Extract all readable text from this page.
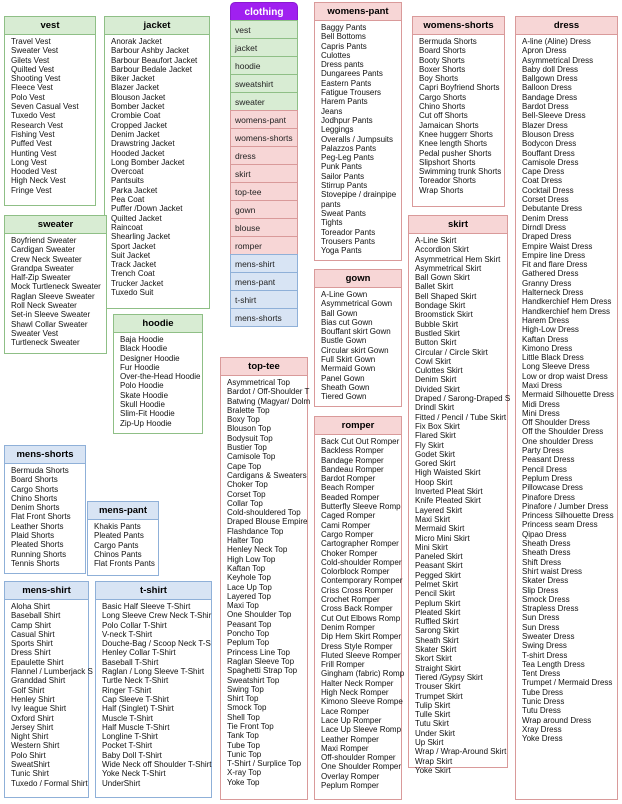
clothing
vest
jacket
hoodie
sweatshirt
sweater
womens-pant
womens-shorts
dress
skirt
top-tee
gown
blouse
romper
mens-shirt
mens-pant
t-shirt
mens-shorts
vest
Travel Vest
Sweater Vest
Gilets Vest
Quilted Vest
Shooting Vest
Fleece Vest
Polo Vest
Seven Casual Vest
Tuxedo Vest
Research Vest
Fishing Vest
Puffed Vest
Hunting Vest
Long Vest
Hooded Vest
High Neck Vest
Fringe Vest
jacket
Anorak Jacket
Barbour Ashby Jacket
Barbour Beaufort Jacket
Barbour Bedale Jacket
Biker Jacket
Blazer Jacket
Blouson Jacket
Bomber Jacket
Crombie Coat
Cropped Jacket
Denim Jacket
Drawstring Jacket
Hooded Jacket
Long Bomber Jacket
Overcoat
Pantsuits
Parka Jacket
Pea Coat
Puffer /Down Jacket
Quilted Jacket
Raincoat
Shearling Jacket
Sport Jacket
Suit Jacket
Track Jacket
Trench Coat
Trucker Jacket
Tuxedo Suit
sweater
Boyfriend Sweater
Cardigan Sweater
Crew Neck Sweater
Grandpa Sweater
Half-Zip Sweater
Mock Turtleneck Sweater
Raglan Sleeve Sweater
Roll Neck Sweater
Set-in Sleeve Sweater
Shawl Collar Sweater
Sweater Vest
Turtleneck Sweater
hoodie
Baja Hoodie
Black Hoodie
Designer Hoodie
Fur Hoodie
Over-the-Head Hoodie
Polo Hoodie
Skate Hoodie
Skull Hoodie
Slim-Fit Hoodie
Zip-Up Hoodie
mens-shorts
Bermuda Shorts
Board Shorts
Cargo Shorts
Chino Shorts
Denim Shorts
Flat Front Shorts
Leather Shorts
Plaid Shorts
Pleated Shorts
Running Shorts
Tennis Shorts
mens-pant
Khakis Pants
Pleated Pants
Cargo Pants
Chinos Pants
Flat Fronts Pants
mens-shirt
Aloha Shirt
Baseball Shirt
Camp Shirt
Casual Shirt
Sports Shirt
Dress Shirt
Epaulette Shirt
Flannel / Lumberjack S
Granddad Shirt
Golf Shirt
Henley Shirt
Ivy league Shirt
Oxford Shirt
Jersey Shirt
Night Shirt
Western Shirt
Polo Shirt
SweatShirt
Tunic Shirt
Tuxedo / Formal Shirt
t-shirt
Basic Half Sleeve T-Shirt
Long Sleeve Crew Neck T-Shir
Polo Collar T-Shirt
V-neck T-Shirt
Douche-Bag / Scoop Neck T-S
Henley Collar T-Shirt
Baseball T-Shirt
Raglan / Long Sleeve T-Shirt
Turtle Neck T-Shirt
Ringer T-Shirt
Cap Sleeve T-Shirt
Half (Singlet) T-Shirt
Muscle T-Shirt
Half Muscle T-Shirt
Longline T-Shirt
Pocket T-Shirt
Baby Doll T-Shirt
Wide Neck off Shoulder T-Shirt
Yoke Neck T-Shirt
UnderShirt
womens-pant
Baggy Pants
Bell Bottoms
Capris Pants
Culottes
Dress pants
Dungarees Pants
Eastern Pants
Fatigue Trousers
Harem Pants
Jeans
Jodhpur Pants
Leggings
Overalls / Jumpsuits
Palazzos Pants
Peg-Leg Pants
Punk Pants
Sailor Pants
Stirrup Pants
Stovepipe / drainpipe
pants
Sweat Pants
Tights
Toreador Pants
Trousers Pants
Yoga Pants
gown
A-Line Gown
Asymmetrical Gown
Ball Gown
Bias cut Gown
Bouffant skirt Gown
Bustle Gown
Circular skirt Gown
Full Skirt Gown
Mermaid Gown
Panel Gown
Sheath Gown
Tiered Gown
top-tee
Asymmetrical Top
Bardot / Off-Shoulder T
Batwing (Magyar/ Dolm
Bralette Top
Boxy Top
Blouson Top
Bodysuit Top
Bustier Top
Camisole Top
Cape Top
Cardigans & Sweaters
Choker Top
Corset Top
Collar Top
Cold-shouldered Top
Draped Blouse Empire
Flashdance Top
Halter Top
Henley Neck Top
High Low Top
Kaftan Top
Keyhole Top
Lace Up Top
Layered Top
Maxi Top
One Shoulder Top
Peasant Top
Poncho Top
Peplum Top
Princess Line Top
Raglan Sleeve Top
Spaghetti Strap Top
Sweatshirt Top
Swing Top
Shirt Top
Smock Top
Shell Top
Tie Front Top
Tank Top
Tube Top
Tunic Top
T-Shirt / Surplice Top
X-ray Top
Yoke Top
romper
Back Cut Out Romper
Backless Romper
Bandage Romper
Bandeau Romper
Bardot Romper
Beach Romper
Beaded Romper
Butterfly Sleeve Romp
Caged Romper
Cami Romper
Cargo Romper
Cartographer Romper
Choker Romper
Cold-shoulder Romper
Colorblock Romper
Contemporary Romper
Criss Cross Romper
Crochet Romper
Cross Back Romper
Cut Out Elbows Romp
Denim Romper
Dip Hem Skirt Romper
Dress Style Romper
Fluted Sleeve Romper
Frill Romper
Gingham (fabric) Romp
Halter Neck Romper
High Neck Romper
Kimono Sleeve Rompe
Lace Romper
Lace Up Romper
Lace Up Sleeve Romp
Leather Romper
Maxi Romper
Off-shoulder Romper
One Shoulder Romper
Overlay Romper
Peplum Romper
womens-shorts
Bermuda Shorts
Board Shorts
Booty Shorts
Boxer Shorts
Boy Shorts
Capri Boyfriend Shorts
Cargo Shorts
Chino Shorts
Cut off Shorts
Jamaican Shorts
Knee huggerr Shorts
Knee length Shorts
Pedal pusher Shorts
Slipshort Shorts
Swimming trunk Shorts
Toreador Shorts
Wrap Shorts
skirt
A-Line Skirt
Accordion Skirt
Asymmetrical Hem Skirt
Asymmetrical Skirt
Ball Gown Skirt
Ballet Skirt
Bell Shaped Skirt
Bondage Skirt
Broomstick Skirt
Bubble Skirt
Bustled Skirt
Button Skirt
Circular / Circle Skirt
Cowl Skirt
Culottes Skirt
Denim Skirt
Divided Skirt
Draped / Sarong-Draped S
Drindl Skirt
Fitted / Pencil / Tube Skirt
Fix Box Skirt
Flared Skirt
Fly Skirt
Godet Skirt
Gored Skirt
High Waisted Skirt
Hoop Skirt
Inverted Pleat Skirt
Knife Pleated Skirt
Layered Skirt
Maxi Skirt
Mermaid Skirt
Micro Mini Skirt
Mini Skirt
Paneled Skirt
Peasant Skirt
Pegged Skirt
Pelmet Skirt
Pencil Skirt
Peplum Skirt
Pleated Skirt
Ruffled Skirt
Sarong Skirt
Sheath Skirt
Skater Skirt
Skort Skirt
Straight Skirt
Tiered /Gypsy Skirt
Trouser Skirt
Trumpet Skirt
Tulip Skirt
Tulle Skirt
Tutu Skirt
Under Skirt
Up Skirt
Wrap / Wrap-Around Skirt
Wrap Skirt
Yoke Skirt
dress
A-line (Aline) Dress
Apron Dress
Asymmetrical Dress
Baby doll Dress
Ballgown Dress
Balloon Dress
Bandage Dress
Bardot Dress
Bell-Sleeve Dress
Blazer Dress
Blouson Dress
Bodycon Dress
Bouffant Dress
Camisole Dress
Cape Dress
Coat Dress
Cocktail Dress
Corset Dress
Debutante Dress
Denim Dress
Dirndl Dress
Draped Dress
Empire Waist Dress
Empire line Dress
Fit and flare Dress
Gathered Dress
Granny Dress
Halterneck Dress
Handkerchief Hem Dress
Handkerchief hem Dress
Harem Dress
High-Low Dress
Kaftan Dress
Kimono Dress
Little Black Dress
Long Sleeve Dress
Low or drop waist Dress
Maxi Dress
Mermaid Silhouette Dress
Midi Dress
Mini Dress
Off Shoulder Dress
Off the Shoulder Dress
One shoulder Dress
Party Dress
Peasant Dress
Pencil Dress
Peplum Dress
Pillowcase Dress
Pinafore Dress
Pinafore / Jumber Dress
Princess Silhouette Dress
Princess seam Dress
Qipao Dress
Sheath Dress
Sheath Dress
Shift Dress
Shirt waist Dress
Skater Dress
Slip Dress
Smock Dress
Strapless Dress
Sun Dress
Sun Dress
Sweater Dress
Swing Dress
T-shirt Dress
Tea Length Dress
Tent Dress
Trumpet / Mermaid Dress
Tube Dress
Tunic Dress
Tutu Dress
Wrap around Dress
Xray Dress
Yoke Dress
